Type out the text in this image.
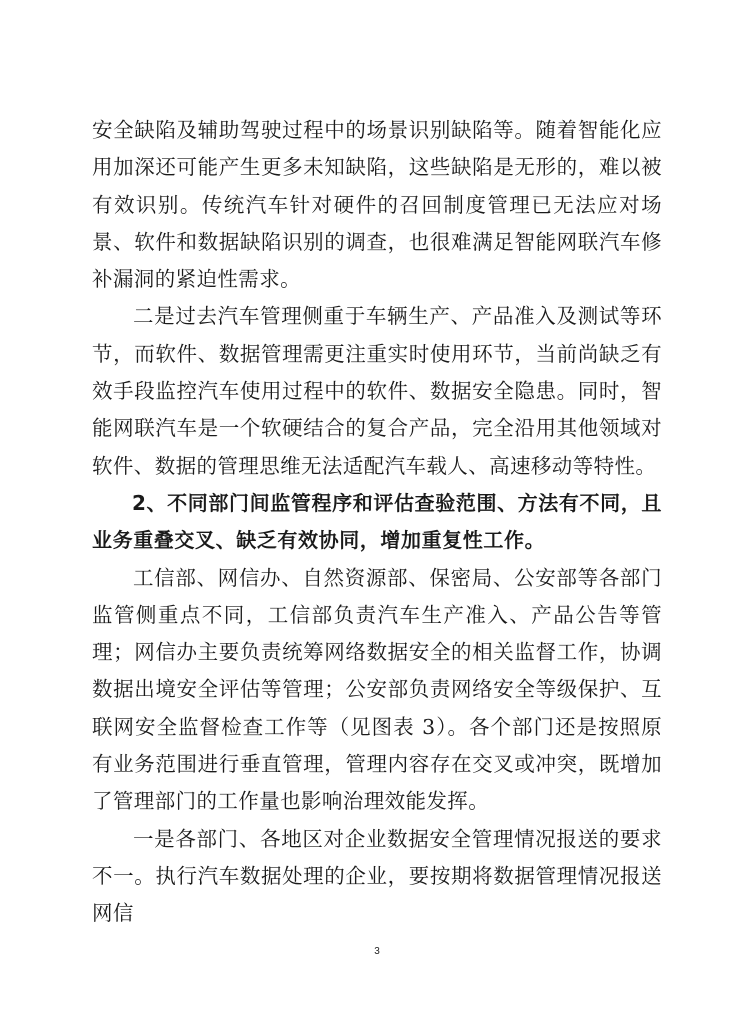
安全缺陷及辅助驾驶过程中的场景识别缺陷等。随着智能化应用加深还可能产生更多未知缺陷，这些缺陷是无形的，难以被有效识别。传统汽车针对硬件的召回制度管理已无法应对场景、软件和数据缺陷识别的调查，也很难满足智能网联汽车修补漏洞的紧迫性需求。

二是过去汽车管理侧重于车辆生产、产品准入及测试等环节，而软件、数据管理需更注重实时使用环节，当前尚缺乏有效手段监控汽车使用过程中的软件、数据安全隐患。同时，智能网联汽车是一个软硬结合的复合产品，完全沿用其他领域对软件、数据的管理思维无法适配汽车载人、高速移动等特性。

2、不同部门间监管程序和评估查验范围、方法有不同，且业务重叠交叉、缺乏有效协同，增加重复性工作。

工信部、网信办、自然资源部、保密局、公安部等各部门监管侧重点不同，工信部负责汽车生产准入、产品公告等管理；网信办主要负责统筹网络数据安全的相关监督工作，协调数据出境安全评估等管理；公安部负责网络安全等级保护、互联网安全监督检查工作等（见图表 3）。各个部门还是按照原有业务范围进行垂直管理，管理内容存在交叉或冲突，既增加了管理部门的工作量也影响治理效能发挥。

一是各部门、各地区对企业数据安全管理情况报送的要求不一。执行汽车数据处理的企业，要按期将数据管理情况报送网信

3
